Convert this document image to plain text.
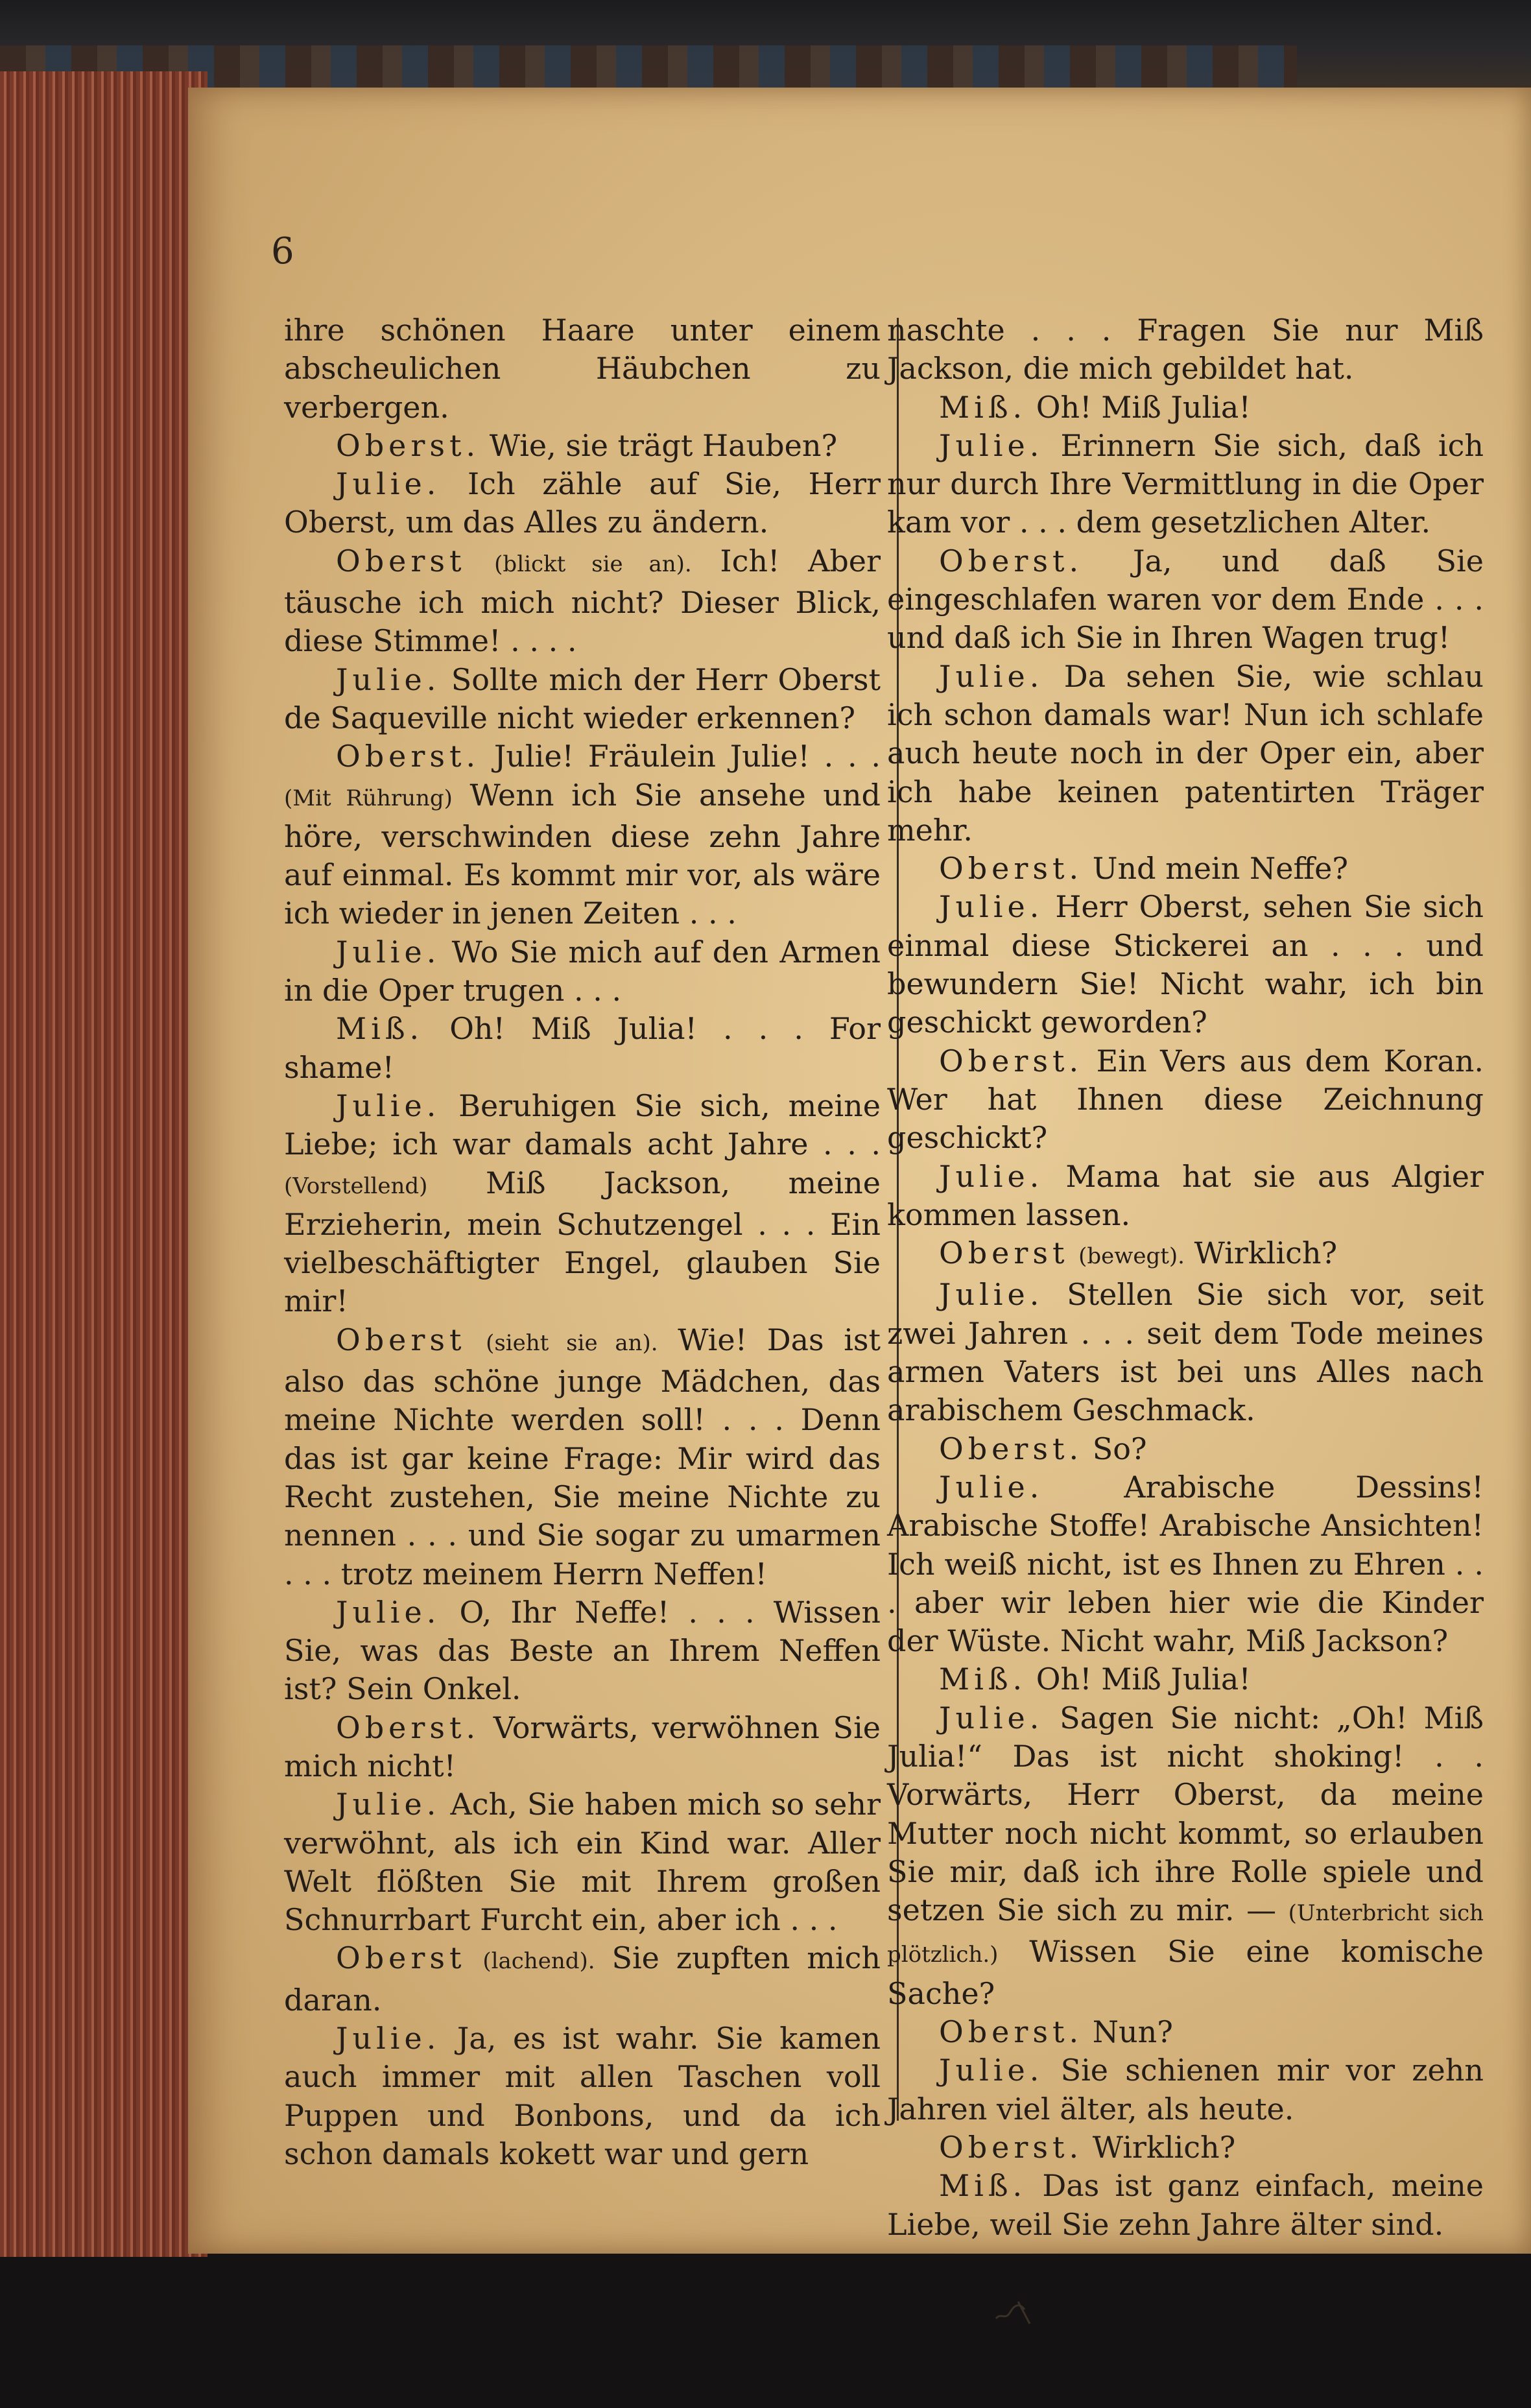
6

ihre schönen Haare unter einem abscheulichen Häubchen zu verbergen.

Oberst. Wie, sie trägt Hauben?

Julie. Ich zähle auf Sie, Herr Oberst, um das Alles zu ändern.

Oberst (blickt sie an). Ich! Aber täusche ich mich nicht? Dieser Blick, diese Stimme! . . . .

Julie. Sollte mich der Herr Oberst de Saqueville nicht wieder erkennen?

Oberst. Julie! Fräulein Julie! . . . (Mit Rührung) Wenn ich Sie ansehe und höre, verschwinden diese zehn Jahre auf einmal. Es kommt mir vor, als wäre ich wieder in jenen Zeiten . . .

Julie. Wo Sie mich auf den Armen in die Oper trugen . . .

Miß. Oh! Miß Julia! . . . For shame!

Julie. Beruhigen Sie sich, meine Liebe; ich war damals acht Jahre . . . (Vorstellend) Miß Jackson, meine Erzieherin, mein Schutzengel . . . Ein vielbeschäftigter Engel, glauben Sie mir!

Oberst (sieht sie an). Wie! Das ist also das schöne junge Mädchen, das meine Nichte werden soll! . . . Denn das ist gar keine Frage: Mir wird das Recht zustehen, Sie meine Nichte zu nennen . . . und Sie sogar zu umarmen . . . trotz meinem Herrn Neffen!

Julie. O, Ihr Neffe! . . . Wissen Sie, was das Beste an Ihrem Neffen ist? Sein Onkel.

Oberst. Vorwärts, verwöhnen Sie mich nicht!

Julie. Ach, Sie haben mich so sehr verwöhnt, als ich ein Kind war. Aller Welt flößten Sie mit Ihrem großen Schnurrbart Furcht ein, aber ich . . .

Oberst (lachend). Sie zupften mich daran.

Julie. Ja, es ist wahr. Sie kamen auch immer mit allen Taschen voll Puppen und Bonbons, und da ich schon damals kokett war und gern

naschte . . . Fragen Sie nur Miß Jackson, die mich gebildet hat.

Miß. Oh! Miß Julia!

Julie. Erinnern Sie sich, daß ich nur durch Ihre Vermittlung in die Oper kam vor . . . dem gesetzlichen Alter.

Oberst. Ja, und daß Sie eingeschlafen waren vor dem Ende . . . und daß ich Sie in Ihren Wagen trug!

Julie. Da sehen Sie, wie schlau ich schon damals war! Nun ich schlafe auch heute noch in der Oper ein, aber ich habe keinen patentirten Träger mehr.

Oberst. Und mein Neffe?

Julie. Herr Oberst, sehen Sie sich einmal diese Stickerei an . . . und bewundern Sie! Nicht wahr, ich bin geschickt geworden?

Oberst. Ein Vers aus dem Koran. Wer hat Ihnen diese Zeichnung geschickt?

Julie. Mama hat sie aus Algier kommen lassen.

Oberst (bewegt). Wirklich?

Julie. Stellen Sie sich vor, seit zwei Jahren . . . seit dem Tode meines armen Vaters ist bei uns Alles nach arabischem Geschmack.

Oberst. So?

Julie.	Arabische Dessins! Arabische Stoffe! Arabische Ansichten! Ich weiß nicht, ist es Ihnen zu Ehren . . . aber wir leben hier wie die Kinder der Wüste. Nicht wahr, Miß Jackson?

Miß. Oh! Miß Julia!

Julie. Sagen Sie nicht: „Oh! Miß Julia!“ Das ist nicht shoking! . . Vorwärts, Herr Oberst, da meine Mutter noch nicht kommt, so erlauben Sie mir, daß ich ihre Rolle spiele und setzen Sie sich zu mir. — (Unterbricht sich plötzlich.) Wissen Sie eine komische Sache?

Oberst. Nun?

Julie. Sie schienen mir vor zehn Jahren viel älter, als heute.

Oberst. Wirklich?

Miß. Das ist ganz einfach, meine Liebe, weil Sie zehn Jahre älter sind.
